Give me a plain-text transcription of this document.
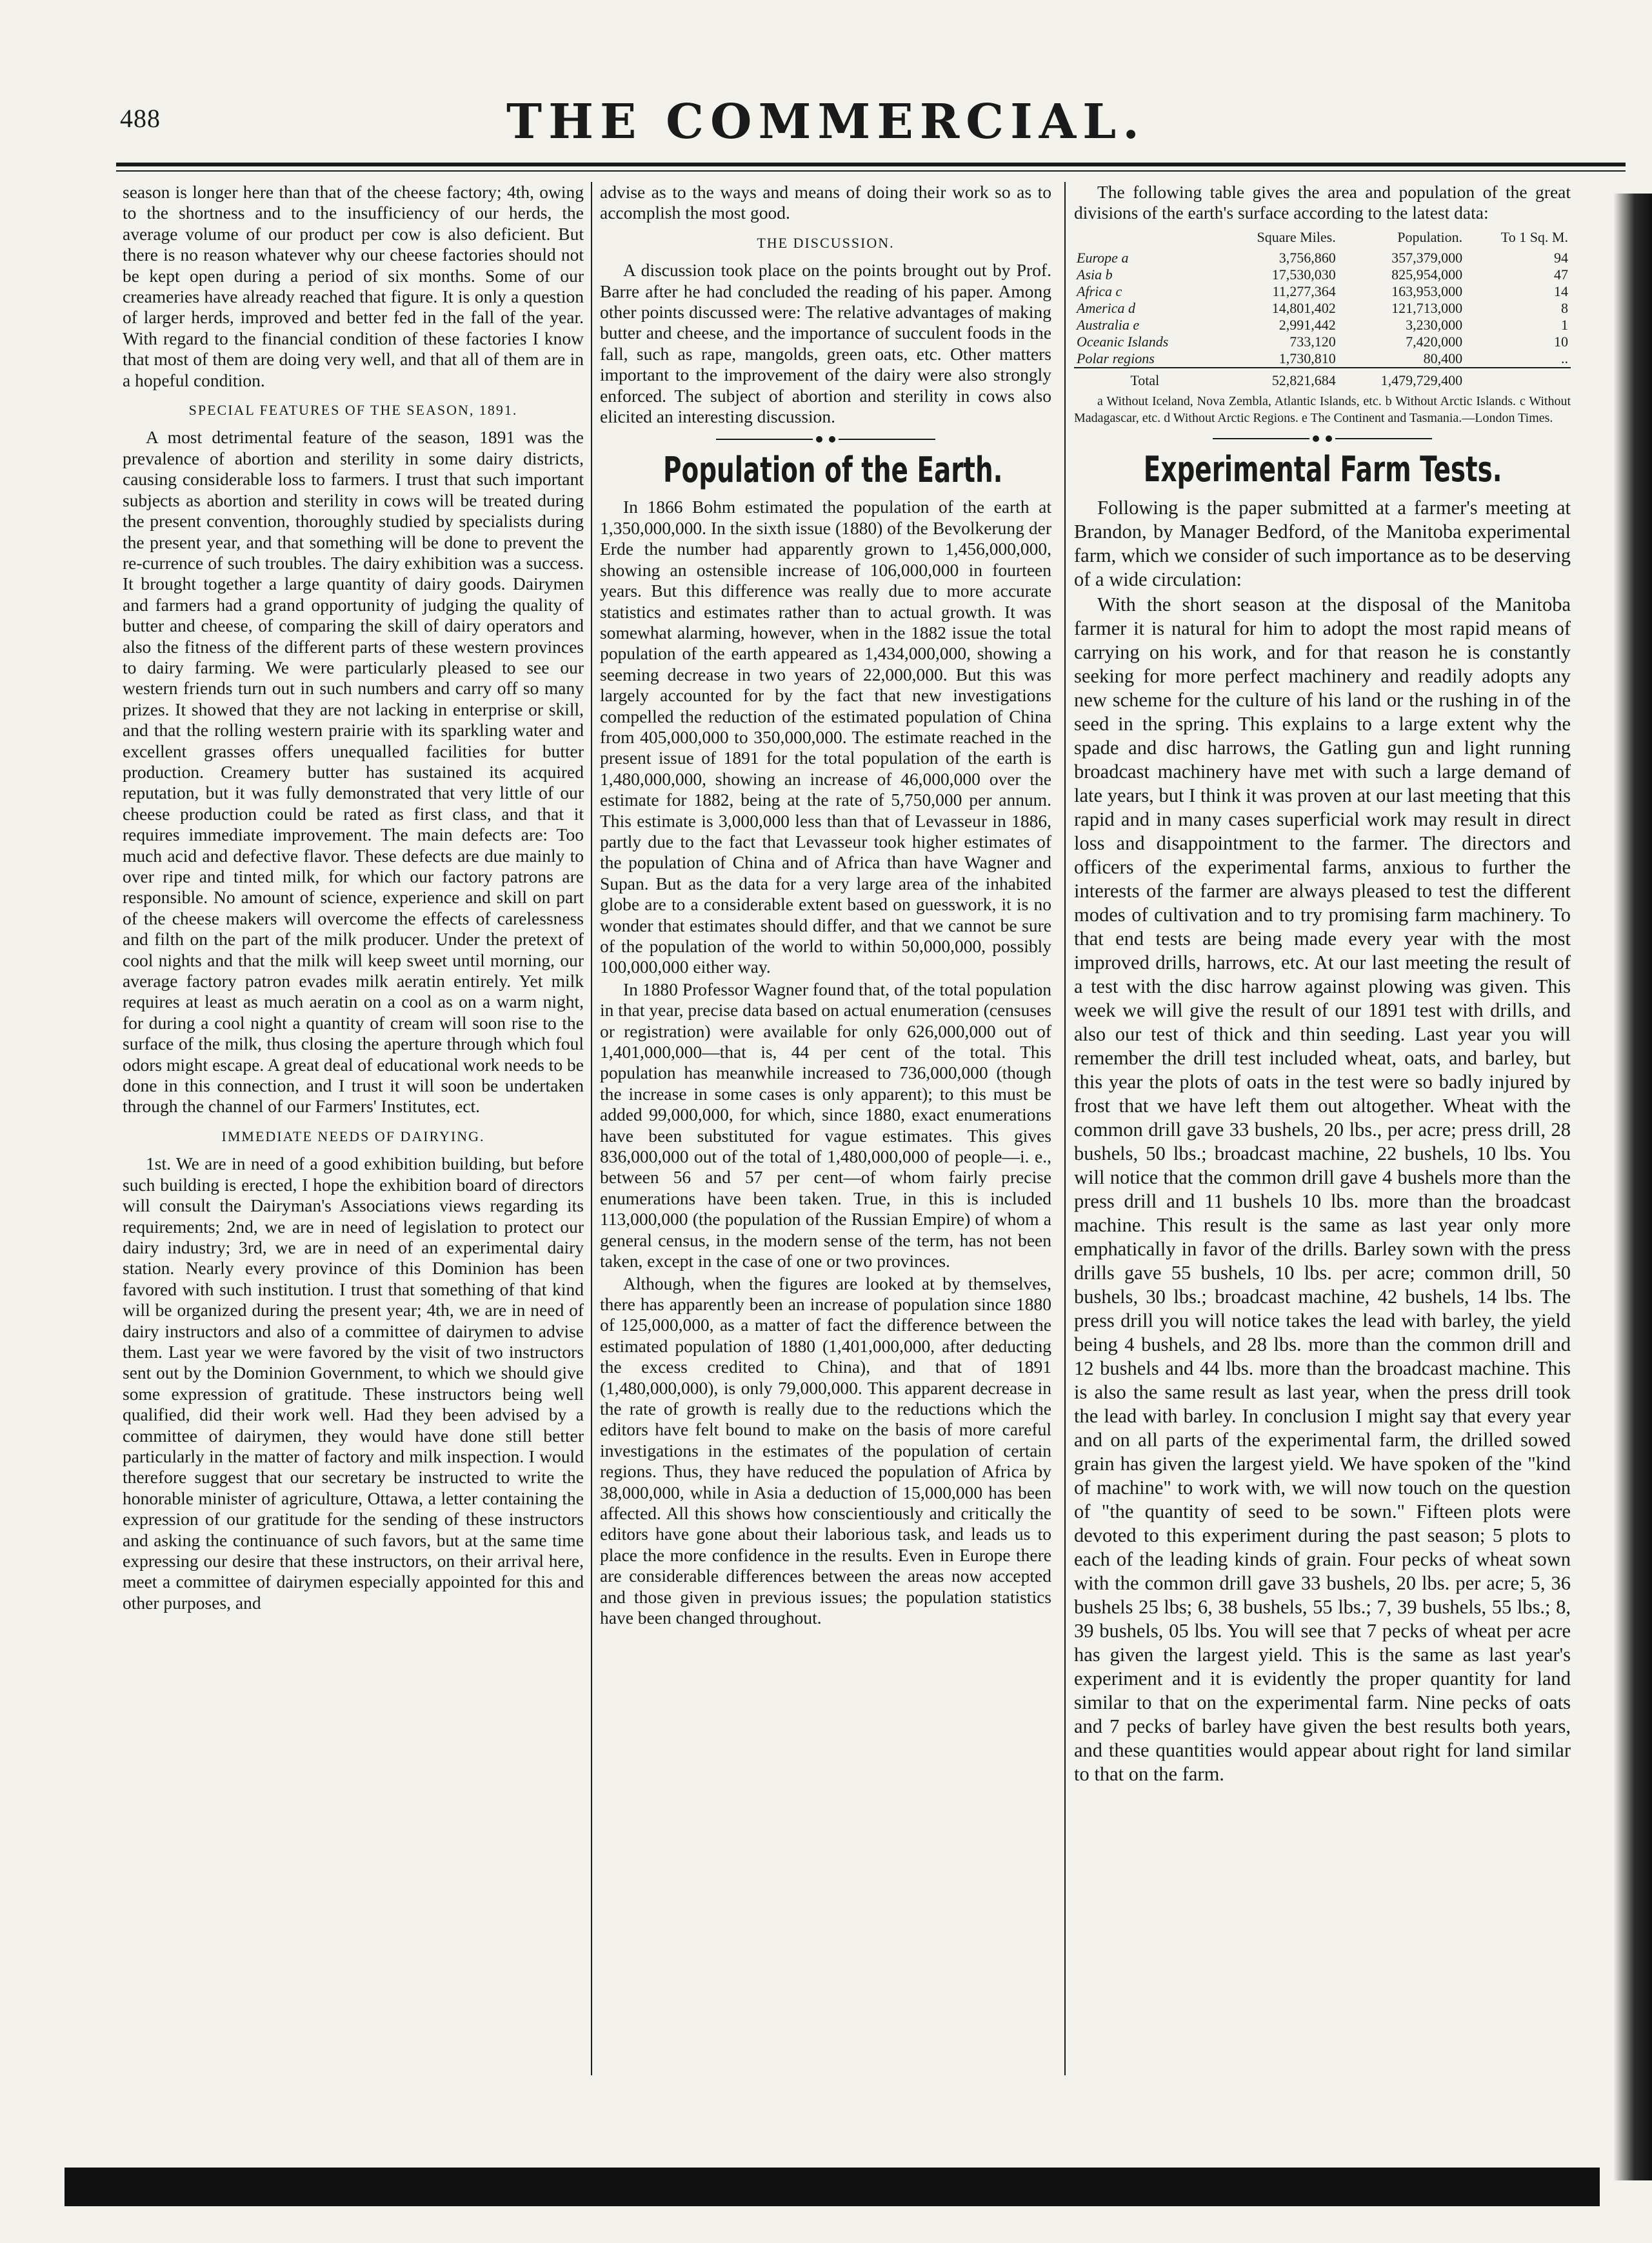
488	THE COMMERCIAL.

season is longer here than that of the cheese factory; 4th, owing to the shortness and to the insufficiency of our herds, the average volume of our product per cow is also deficient. But there is no reason whatever why our cheese factories should not be kept open during a period of six months. Some of our creameries have already reached that figure. It is only a question of larger herds, improved and better fed in the fall of the year. With regard to the financial condition of these factories I know that most of them are doing very well, and that all of them are in a hopeful condition.

SPECIAL FEATURES OF THE SEASON, 1891.

A most detrimental feature of the season, 1891 was the prevalence of abortion and sterility in some dairy districts, causing considerable loss to farmers. I trust that such important subjects as abortion and sterility in cows will be treated during the present convention, thoroughly studied by specialists during the present year, and that something will be done to prevent the re-currence of such troubles. The dairy exhibition was a success. It brought together a large quantity of dairy goods. Dairymen and farmers had a grand opportunity of judging the quality of butter and cheese, of comparing the skill of dairy operators and also the fitness of the different parts of these western provinces to dairy farming. We were particularly pleased to see our western friends turn out in such numbers and carry off so many prizes. It showed that they are not lacking in enterprise or skill, and that the rolling western prairie with its sparkling water and excellent grasses offers unequalled facilities for butter production. Creamery butter has sustained its acquired reputation, but it was fully demonstrated that very little of our cheese production could be rated as first class, and that it requires immediate improvement. The main defects are: Too much acid and defective flavor. These defects are due mainly to over ripe and tinted milk, for which our factory patrons are responsible. No amount of science, experience and skill on part of the cheese makers will overcome the effects of carelessness and filth on the part of the milk producer. Under the pretext of cool nights and that the milk will keep sweet until morning, our average factory patron evades milk aeratin entirely. Yet milk requires at least as much aeratin on a cool as on a warm night, for during a cool night a quantity of cream will soon rise to the surface of the milk, thus closing the aperture through which foul odors might escape. A great deal of educational work needs to be done in this connection, and I trust it will soon be undertaken through the channel of our Farmers' Institutes, ect.

IMMEDIATE NEEDS OF DAIRYING.

1st. We are in need of a good exhibition building, but before such building is erected, I hope the exhibition board of directors will consult the Dairyman's Associations views regarding its requirements; 2nd, we are in need of legislation to protect our dairy industry; 3rd, we are in need of an experimental dairy station. Nearly every province of this Dominion has been favored with such institution. I trust that something of that kind will be organized during the present year; 4th, we are in need of dairy instructors and also of a committee of dairymen to advise them. Last year we were favored by the visit of two instructors sent out by the Dominion Government, to which we should give some expression of gratitude. These instructors being well qualified, did their work well. Had they been advised by a committee of dairymen, they would have done still better particularly in the matter of factory and milk inspection. I would therefore suggest that our secretary be instructed to write the honorable minister of agriculture, Ottawa, a letter containing the expression of our gratitude for the sending of these instructors and asking the continuance of such favors, but at the same time expressing our desire that these instructors, on their arrival here, meet a committee of dairymen especially appointed for this and other purposes, and

advise as to the ways and means of doing their work so as to accomplish the most good.

THE DISCUSSION.

A discussion took place on the points brought out by Prof. Barre after he had concluded the reading of his paper. Among other points discussed were: The relative advantages of making butter and cheese, and the importance of succulent foods in the fall, such as rape, mangolds, green oats, etc. Other matters important to the improvement of the dairy were also strongly enforced. The subject of abortion and sterility in cows also elicited an interesting discussion.

Population of the Earth.

In 1866 Bohm estimated the population of the earth at 1,350,000,000. In the sixth issue (1880) of the Bevolkerung der Erde the number had apparently grown to 1,456,000,000, showing an ostensible increase of 106,000,000 in fourteen years. But this difference was really due to more accurate statistics and estimates rather than to actual growth. It was somewhat alarming, however, when in the 1882 issue the total population of the earth appeared as 1,434,000,000, showing a seeming decrease in two years of 22,000,000. But this was largely accounted for by the fact that new investigations compelled the reduction of the estimated population of China from 405,000,000 to 350,000,000. The estimate reached in the present issue of 1891 for the total population of the earth is 1,480,000,000, showing an increase of 46,000,000 over the estimate for 1882, being at the rate of 5,750,000 per annum. This estimate is 3,000,000 less than that of Levasseur in 1886, partly due to the fact that Levasseur took higher estimates of the population of China and of Africa than have Wagner and Supan. But as the data for a very large area of the inhabited globe are to a considerable extent based on guesswork, it is no wonder that estimates should differ, and that we cannot be sure of the population of the world to within 50,000,000, possibly 100,000,000 either way.

In 1880 Professor Wagner found that, of the total population in that year, precise data based on actual enumeration (censuses or registration) were available for only 626,000,000 out of 1,401,000,000—that is, 44 per cent of the total. This population has meanwhile increased to 736,000,000 (though the increase in some cases is only apparent); to this must be added 99,000,000, for which, since 1880, exact enumerations have been substituted for vague estimates. This gives 836,000,000 out of the total of 1,480,000,000 of people—i. e., between 56 and 57 per cent—of whom fairly precise enumerations have been taken. True, in this is included 113,000,000 (the population of the Russian Empire) of whom a general census, in the modern sense of the term, has not been taken, except in the case of one or two provinces.

Although, when the figures are looked at by themselves, there has apparently been an increase of population since 1880 of 125,000,000, as a matter of fact the difference between the estimated population of 1880 (1,401,000,000, after deducting the excess credited to China), and that of 1891 (1,480,000,000), is only 79,000,000. This apparent decrease in the rate of growth is really due to the reductions which the editors have felt bound to make on the basis of more careful investigations in the estimates of the population of certain regions. Thus, they have reduced the population of Africa by 38,000,000, while in Asia a deduction of 15,000,000 has been affected. All this shows how conscientiously and critically the editors have gone about their laborious task, and leads us to place the more confidence in the results. Even in Europe there are considerable differences between the areas now accepted and those given in previous issues; the population statistics have been changed throughout.

The following table gives the area and population of the great divisions of the earth's surface according to the latest data:

	Square Miles.	Population.	To 1 Sq. M.
Europe a	3,756,860	357,379,000	94
Asia b	17,530,030	825,954,000	47
Africa c	11,277,364	163,953,000	14
America d	14,801,402	121,713,000	8
Australia e	2,991,442	3,230,000	1
Oceanic Islands	733,120	7,420,000	10
Polar regions	1,730,810	80,400	..
Total	52,821,684	1,479,729,400	
a Without Iceland, Nova Zembla, Atlantic Islands, etc. b Without Arctic Islands. c Without Madagascar, etc. d Without Arctic Regions. e The Continent and Tasmania.—London Times.
Experimental Farm Tests.

Following is the paper submitted at a farmer's meeting at Brandon, by Manager Bedford, of the Manitoba experimental farm, which we consider of such importance as to be deserving of a wide circulation:

With the short season at the disposal of the Manitoba farmer it is natural for him to adopt the most rapid means of carrying on his work, and for that reason he is constantly seeking for more perfect machinery and readily adopts any new scheme for the culture of his land or the rushing in of the seed in the spring. This explains to a large extent why the spade and disc harrows, the Gatling gun and light running broadcast machinery have met with such a large demand of late years, but I think it was proven at our last meeting that this rapid and in many cases superficial work may result in direct loss and disappointment to the farmer. The directors and officers of the experimental farms, anxious to further the interests of the farmer are always pleased to test the different modes of cultivation and to try promising farm machinery. To that end tests are being made every year with the most improved drills, harrows, etc. At our last meeting the result of a test with the disc harrow against plowing was given. This week we will give the result of our 1891 test with drills, and also our test of thick and thin seeding. Last year you will remember the drill test included wheat, oats, and barley, but this year the plots of oats in the test were so badly injured by frost that we have left them out altogether. Wheat with the common drill gave 33 bushels, 20 lbs., per acre; press drill, 28 bushels, 50 lbs.; broadcast machine, 22 bushels, 10 lbs. You will notice that the common drill gave 4 bushels more than the press drill and 11 bushels 10 lbs. more than the broadcast machine. This result is the same as last year only more emphatically in favor of the drills. Barley sown with the press drills gave 55 bushels, 10 lbs. per acre; common drill, 50 bushels, 30 lbs.; broadcast machine, 42 bushels, 14 lbs. The press drill you will notice takes the lead with barley, the yield being 4 bushels, and 28 lbs. more than the common drill and 12 bushels and 44 lbs. more than the broadcast machine. This is also the same result as last year, when the press drill took the lead with barley. In conclusion I might say that every year and on all parts of the experimental farm, the drilled sowed grain has given the largest yield. We have spoken of the "kind of machine" to work with, we will now touch on the question of "the quantity of seed to be sown." Fifteen plots were devoted to this experiment during the past season; 5 plots to each of the leading kinds of grain. Four pecks of wheat sown with the common drill gave 33 bushels, 20 lbs. per acre; 5, 36 bushels 25 lbs; 6, 38 bushels, 55 lbs.; 7, 39 bushels, 55 lbs.; 8, 39 bushels, 05 lbs. You will see that 7 pecks of wheat per acre has given the largest yield. This is the same as last year's experiment and it is evidently the proper quantity for land similar to that on the experimental farm. Nine pecks of oats and 7 pecks of barley have given the best results both years, and these quantities would appear about right for land similar to that on the farm.
